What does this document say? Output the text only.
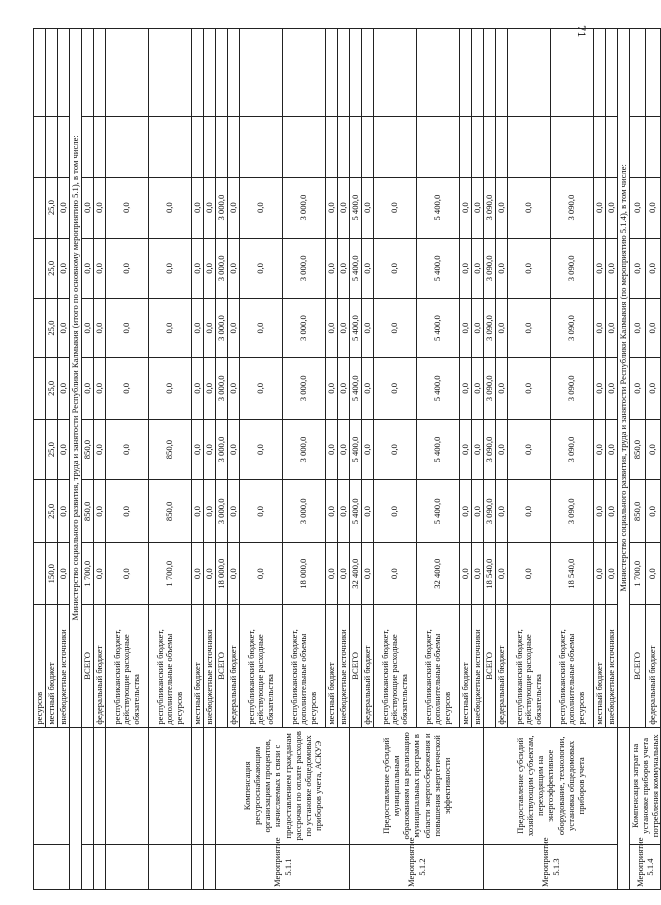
71
		ресурсов									
		местный бюджет	150,0	25,0	25,0	25,0	25,0	25,0	25,0		
		внебюджетные источники	0,0	0,0	0,0	0,0	0,0	0,0	0,0		
		Министерство социального развития, труда и занятости Республики Калмыкия (итого по основному мероприятию 5.1), в том числе:									
		ВСЕГО	1 700,0	850,0	850,0	0,0	0,0	0,0	0,0		
		федеральный бюджет	0,0	0,0	0,0	0,0	0,0	0,0	0,0		
		республиканский бюджет, действующие расходные обязательства	0,0	0,0	0,0	0,0	0,0	0,0	0,0		
		республиканский бюджет, дополнительные объемы ресурсов	1 700,0	850,0	850,0	0,0	0,0	0,0	0,0		
		местный бюджет	0,0	0,0	0,0	0,0	0,0	0,0	0,0		
		внебюджетные источники	0,0	0,0	0,0	0,0	0,0	0,0	0,0		
Мероприятие 5.1.1	Компенсация ресурсоснабжающим организациям процентов, начисляемых в связи с предоставлением гражданам рассрочки по оплате расходов по установке общедомовых приборов учета, АСКУЭ	ВСЕГО	18 000,0	3 000,0	3 000,0	3 000,0	3 000,0	3 000,0	3 000,0		
		федеральный бюджет	0,0	0,0	0,0	0,0	0,0	0,0	0,0		
		республиканский бюджет, действующие расходные обязательства	0,0	0,0	0,0	0,0	0,0	0,0	0,0		
		республиканский бюджет, дополнительные объемы ресурсов	18 000,0	3 000,0	3 000,0	3 000,0	3 000,0	3 000,0	3 000,0		
		местный бюджет	0,0	0,0	0,0	0,0	0,0	0,0	0,0		
		внебюджетные источники	0,0	0,0	0,0	0,0	0,0	0,0	0,0		
Мероприятие 5.1.2	Предоставление субсидий муниципальным образованиям на реализацию муниципальных программ в области энергосбережения и повышения энергетической эффективности	ВСЕГО	32 400,0	5 400,0	5 400,0	5 400,0	5 400,0	5 400,0	5 400,0		
		федеральный бюджет	0,0	0,0	0,0	0,0	0,0	0,0	0,0		
		республиканский бюджет, действующие расходные обязательства	0,0	0,0	0,0	0,0	0,0	0,0	0,0		
		республиканский бюджет, дополнительные объемы ресурсов	32 400,0	5 400,0	5 400,0	5 400,0	5 400,0	5 400,0	5 400,0		
		местный бюджет	0,0	0,0	0,0	0,0	0,0	0,0	0,0		
		внебюджетные источники	0,0	0,0	0,0	0,0	0,0	0,0	0,0		
Мероприятие 5.1.3	Предоставление субсидий хозяйствующим субъектам, переходящим на энергоэффективное оборудование, технологии, установка общедомовых приборов учета	ВСЕГО	18 540,0	3 090,0	3 090,0	3 090,0	3 090,0	3 090,0	3 090,0		
		федеральный бюджет	0,0	0,0	0,0	0,0	0,0	0,0	0,0		
		республиканский бюджет, действующие расходные обязательства	0,0	0,0	0,0	0,0	0,0	0,0	0,0		
		республиканский бюджет, дополнительные объемы ресурсов	18 540,0	3 090,0	3 090,0	3 090,0	3 090,0	3 090,0	3 090,0		
		местный бюджет	0,0	0,0	0,0	0,0	0,0	0,0	0,0		
		внебюджетные источники	0,0	0,0	0,0	0,0	0,0	0,0	0,0		
		Министерство социального развития, труда и занятости Республики Калмыкия (по мероприятию 5.1.4), в том числе:									
Мероприятие 5.1.4	Компенсация затрат на установке приборов учета потребления коммунальных	ВСЕГО	1 700,0	850,0	850,0	0,0	0,0	0,0	0,0		
		федеральный бюджет	0,0	0,0	0,0	0,0	0,0	0,0	0,0		
